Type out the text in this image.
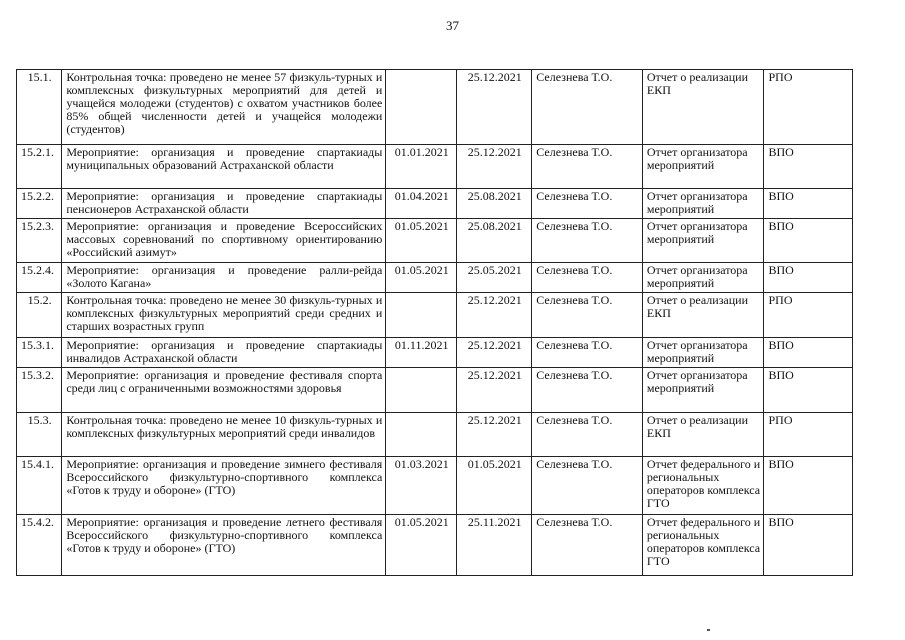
37
15.1.	Контрольная точка: проведено не менее 57 физкуль-турных и комплексных физкультурных мероприятий для детей и учащейся молодежи (студентов) с охватом участников более 85% общей численности детей и учащейся молодежи (студентов)		25.12.2021	Селезнева Т.О.	Отчет о реализации ЕКП	РПО
15.2.1.	Мероприятие: организация и проведение спартакиады муниципальных образований Астраханской области	01.01.2021	25.12.2021	Селезнева Т.О.	Отчет организатора мероприятий	ВПО
15.2.2.	Мероприятие: организация и проведение спартакиады пенсионеров Астраханской области	01.04.2021	25.08.2021	Селезнева Т.О.	Отчет организатора мероприятий	ВПО
15.2.3.	Мероприятие: организация и проведение Всероссийских массовых соревнований по спортивному ориентированию «Российский азимут»	01.05.2021	25.08.2021	Селезнева Т.О.	Отчет организатора мероприятий	ВПО
15.2.4.	Мероприятие: организация и проведение ралли-рейда «Золото Кагана»	01.05.2021	25.05.2021	Селезнева Т.О.	Отчет организатора мероприятий	ВПО
15.2.	Контрольная точка: проведено не менее 30 физкуль-турных и комплексных физкультурных мероприятий среди средних и старших возрастных групп		25.12.2021	Селезнева Т.О.	Отчет о реализации ЕКП	РПО
15.3.1.	Мероприятие: организация и проведение спартакиады инвалидов Астраханской области	01.11.2021	25.12.2021	Селезнева Т.О.	Отчет организатора мероприятий	ВПО
15.3.2.	Мероприятие: организация и проведение фестиваля спорта среди лиц с ограниченными возможностями здоровья		25.12.2021	Селезнева Т.О.	Отчет организатора мероприятий	ВПО
15.3.	Контрольная точка: проведено не менее 10 физкуль-турных и комплексных физкультурных мероприятий среди инвалидов		25.12.2021	Селезнева Т.О.	Отчет о реализации ЕКП	РПО
15.4.1.	Мероприятие: организация и проведение зимнего фестиваля Всероссийского физкультурно-спортивного комплекса «Готов к труду и обороне» (ГТО)	01.03.2021	01.05.2021	Селезнева Т.О.	Отчет федерального и региональных операторов комплекса ГТО	ВПО
15.4.2.	Мероприятие: организация и проведение летнего фестиваля Всероссийского физкультурно-спортивного комплекса «Готов к труду и обороне» (ГТО)	01.05.2021	25.11.2021	Селезнева Т.О.	Отчет федерального и региональных операторов комплекса ГТО	ВПО
